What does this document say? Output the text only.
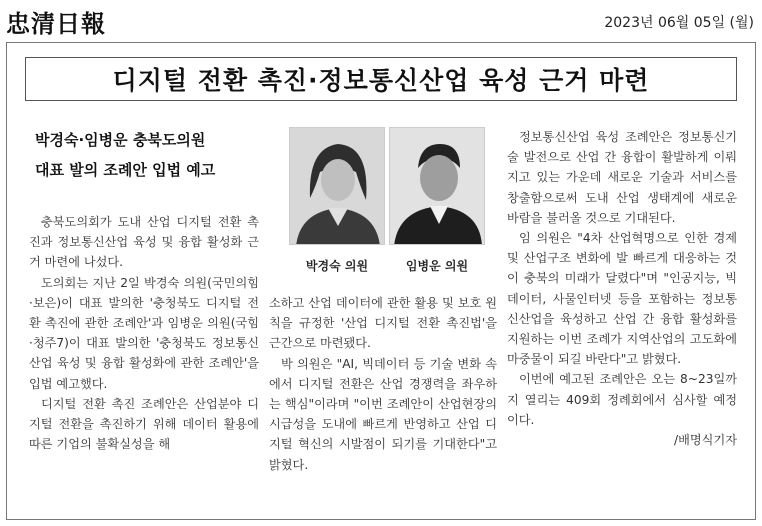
忠清日報	2023년 06월 05일 (월)
디지털 전환 촉진·정보통신산업 육성 근거 마련
박경숙·임병운 충북도의원
대표 발의 조례안 입법 예고

충북도의회가 도내 산업 디지털 전환 촉진과 정보통신산업 육성 및 융합 활성화 근거 마련에 나섰다.

도의회는 지난 2일 박경숙 의원(국민의힘·보은)이 대표 발의한 '충청북도 디지털 전환 촉진에 관한 조례안'과 임병운 의원(국힘·청주7)이 대표 발의한 '충청북도 정보통신산업 육성 및 융합 활성화에 관한 조례안'을 입법 예고했다.

디지털 전환 촉진 조례안은 산업분야 디지털 전환을 촉진하기 위해 데이터 활용에 따른 기업의 불확실성을 해

박경숙 의원	임병운 의원

소하고 산업 데이터에 관한 활용 및 보호 원칙을 규정한 '산업 디지털 전환 촉진법'을 근간으로 마련됐다.

박 의원은 "AI, 빅데이터 등 기술 변화 속에서 디지털 전환은 산업 경쟁력을 좌우하는 핵심"이라며 "이번 조례안이 산업현장의 시급성을 도내에 빠르게 반영하고 산업 디지털 혁신의 시발점이 되기를 기대한다"고 밝혔다.

정보통신산업 육성 조례안은 정보통신기술 발전으로 산업 간 융합이 활발하게 이뤄지고 있는 가운데 새로운 기술과 서비스를 창출함으로써 도내 산업 생태계에 새로운 바람을 불러올 것으로 기대된다.

임 의원은 "4차 산업혁명으로 인한 경제 및 산업구조 변화에 발 빠르게 대응하는 것이 충북의 미래가 달렸다"며 "인공지능, 빅데이터, 사물인터넷 등을 포함하는 정보통신산업을 육성하고 산업 간 융합 활성화를 지원하는 이번 조례가 지역산업의 고도화에 마중물이 되길 바란다"고 밝혔다.

이번에 예고된 조례안은 오는 8~23일까지 열리는 409회 정례회에서 심사할 예정이다.

/배명식기자
